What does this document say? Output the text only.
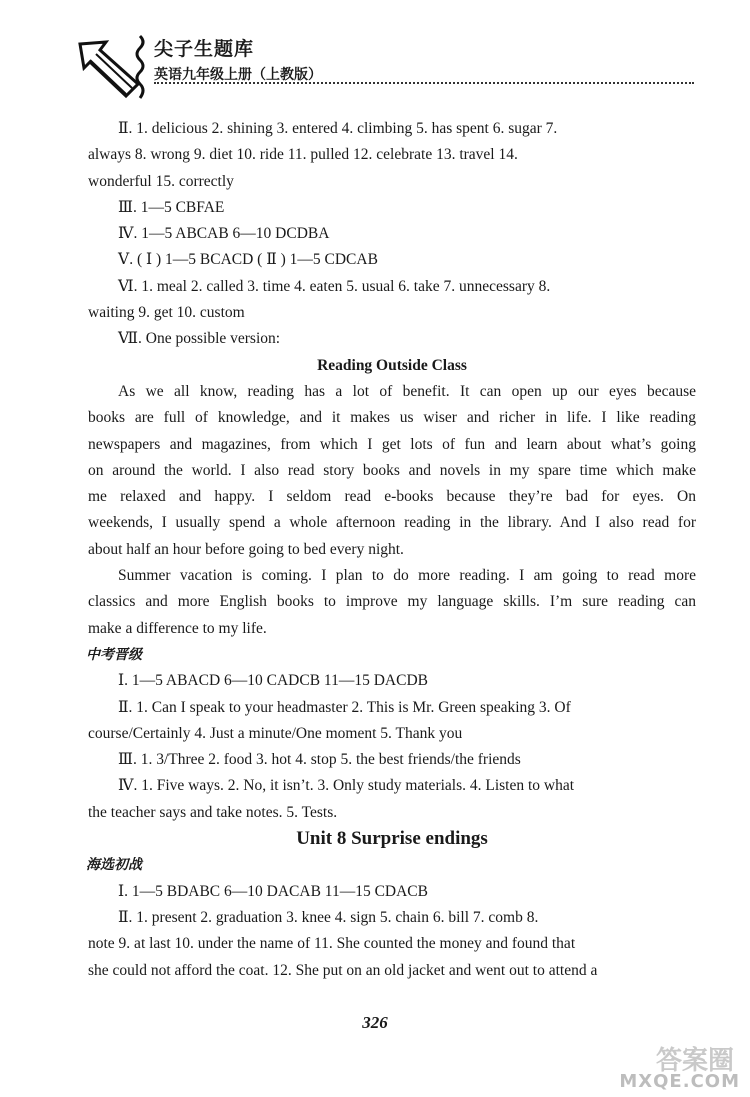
尖子生题库
英语九年级上册（上教版）
Ⅱ. 1. delicious 2. shining 3. entered 4. climbing 5. has spent 6. sugar 7.
always 8. wrong 9. diet 10. ride 11. pulled 12. celebrate 13. travel 14.
wonderful 15. correctly
Ⅲ. 1—5 CBFAE
Ⅳ. 1—5 ABCAB 6—10 DCDBA
Ⅴ. ( Ⅰ ) 1—5 BCACD ( Ⅱ ) 1—5 CDCAB
Ⅵ. 1. meal 2. called 3. time 4. eaten 5. usual 6. take 7. unnecessary 8.
waiting 9. get 10. custom
Ⅶ. One possible version:
Reading Outside Class
As we all know, reading has a lot of benefit. It can open up our eyes because
books are full of knowledge, and it makes us wiser and richer in life. I like reading
newspapers and magazines, from which I get lots of fun and learn about what’s going
on around the world. I also read story books and novels in my spare time which make
me relaxed and happy. I seldom read e-books because they’re bad for eyes. On
weekends, I usually spend a whole afternoon reading in the library. And I also read for
about half an hour before going to bed every night.
Summer vacation is coming. I plan to do more reading. I am going to read more
classics and more English books to improve my language skills. I’m sure reading can
make a difference to my life.
中考晋级
Ⅰ. 1—5 ABACD 6—10 CADCB 11—15 DACDB
Ⅱ. 1. Can I speak to your headmaster 2. This is Mr. Green speaking 3. Of
course/Certainly 4. Just a minute/One moment 5. Thank you
Ⅲ. 1. 3/Three 2. food 3. hot 4. stop 5. the best friends/the friends
Ⅳ. 1. Five ways. 2. No, it isn’t. 3. Only study materials. 4. Listen to what
the teacher says and take notes. 5. Tests.
Unit 8 Surprise endings
海选初战
Ⅰ. 1—5 BDABC 6—10 DACAB 11—15 CDACB
Ⅱ. 1. present 2. graduation 3. knee 4. sign 5. chain 6. bill 7. comb 8.
note 9. at last 10. under the name of 11. She counted the money and found that
she could not afford the coat. 12. She put on an old jacket and went out to attend a
326
答案圈
MXQE.COM
